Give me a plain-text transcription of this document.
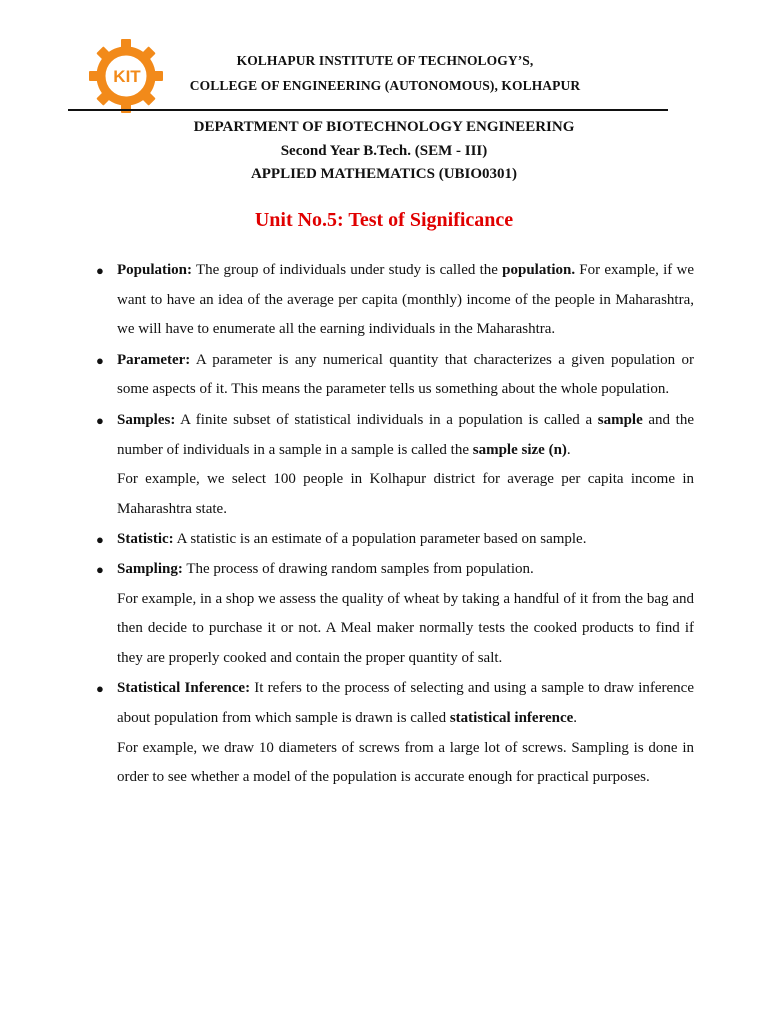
KIT
KOLHAPUR INSTITUTE OF TECHNOLOGY’S,
COLLEGE OF ENGINEERING (AUTONOMOUS), KOLHAPUR
DEPARTMENT OF BIOTECHNOLOGY ENGINEERING
Second Year B.Tech. (SEM - III)
APPLIED MATHEMATICS (UBIO0301)
Unit No.5: Test of Significance

● Population: The group of individuals under study is called the population. For example, if we want to have an idea of the average per capita (monthly) income of the people in Maharashtra, we will have to enumerate all the earning individuals in the Maharashtra.

● Parameter: A parameter is any numerical quantity that characterizes a given population or some aspects of it. This means the parameter tells us something about the whole population.

● Samples: A finite subset of statistical individuals in a population is called a sample and the number of individuals in a sample in a sample is called the sample size (n).

For example, we select 100 people in Kolhapur district for average per capita income in Maharashtra state.

● Statistic: A statistic is an estimate of a population parameter based on sample.

● Sampling: The process of drawing random samples from population.

For example, in a shop we assess the quality of wheat by taking a handful of it from the bag and then decide to purchase it or not. A Meal maker normally tests the cooked products to find if they are properly cooked and contain the proper quantity of salt.

● Statistical Inference: It refers to the process of selecting and using a sample to draw inference about population from which sample is drawn is called statistical inference.

For example, we draw 10 diameters of screws from a large lot of screws. Sampling is done in order to see whether a model of the population is accurate enough for practical purposes.
